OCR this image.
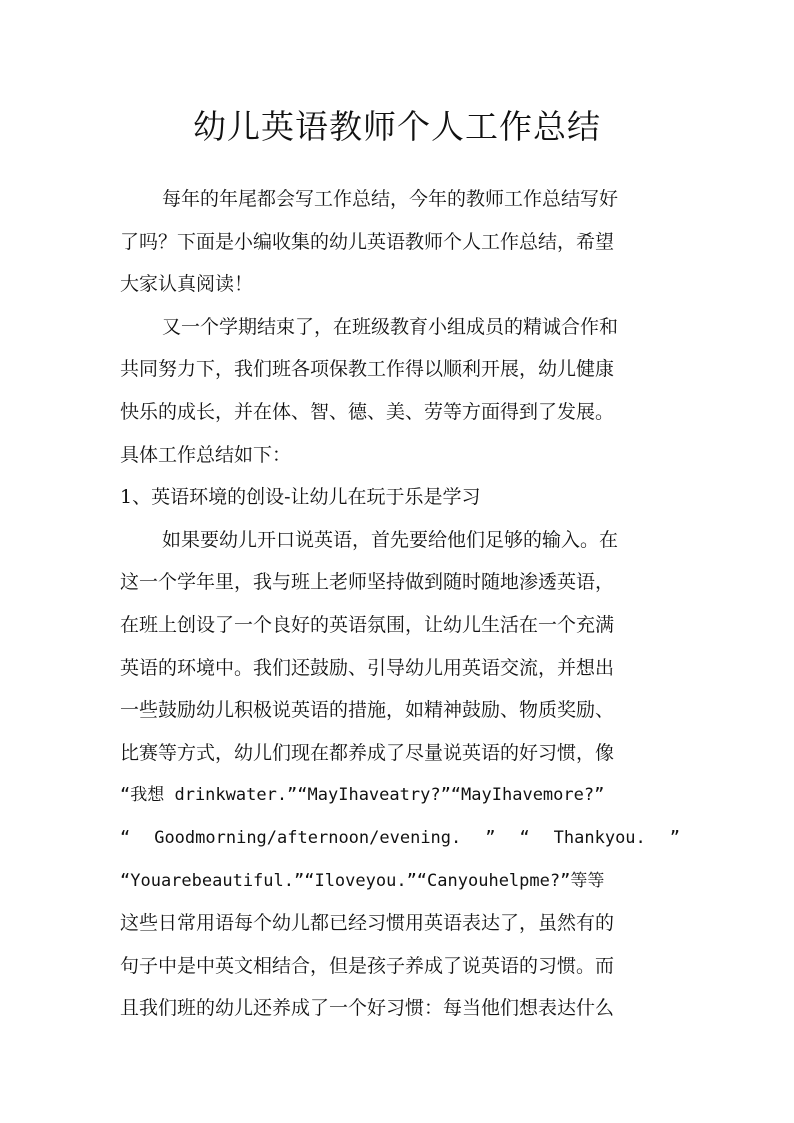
幼儿英语教师个人工作总结
每年的年尾都会写工作总结，今年的教师工作总结写好
了吗？下面是小编收集的幼儿英语教师个人工作总结，希望
大家认真阅读！
又一个学期结束了，在班级教育小组成员的精诚合作和
共同努力下，我们班各项保教工作得以顺利开展，幼儿健康
快乐的成长，并在体、智、德、美、劳等方面得到了发展。
具体工作总结如下：
1、英语环境的创设-让幼儿在玩于乐是学习
如果要幼儿开口说英语，首先要给他们足够的输入。在
这一个学年里，我与班上老师坚持做到随时随地渗透英语，
在班上创设了一个良好的英语氛围，让幼儿生活在一个充满
英语的环境中。我们还鼓励、引导幼儿用英语交流，并想出
一些鼓励幼儿积极说英语的措施，如精神鼓励、物质奖励、
比赛等方式，幼儿们现在都养成了尽量说英语的好习惯，像
“我想 drinkwater.”“MayIhaveatry?”“MayIhavemore?”
“ Goodmorning/afternoon/evening. ” “ Thankyou. ”
“Youarebeautiful.”“Iloveyou.”“Canyouhelpme?”等等
这些日常用语每个幼儿都已经习惯用英语表达了，虽然有的
句子中是中英文相结合，但是孩子养成了说英语的习惯。而
且我们班的幼儿还养成了一个好习惯：每当他们想表达什么
